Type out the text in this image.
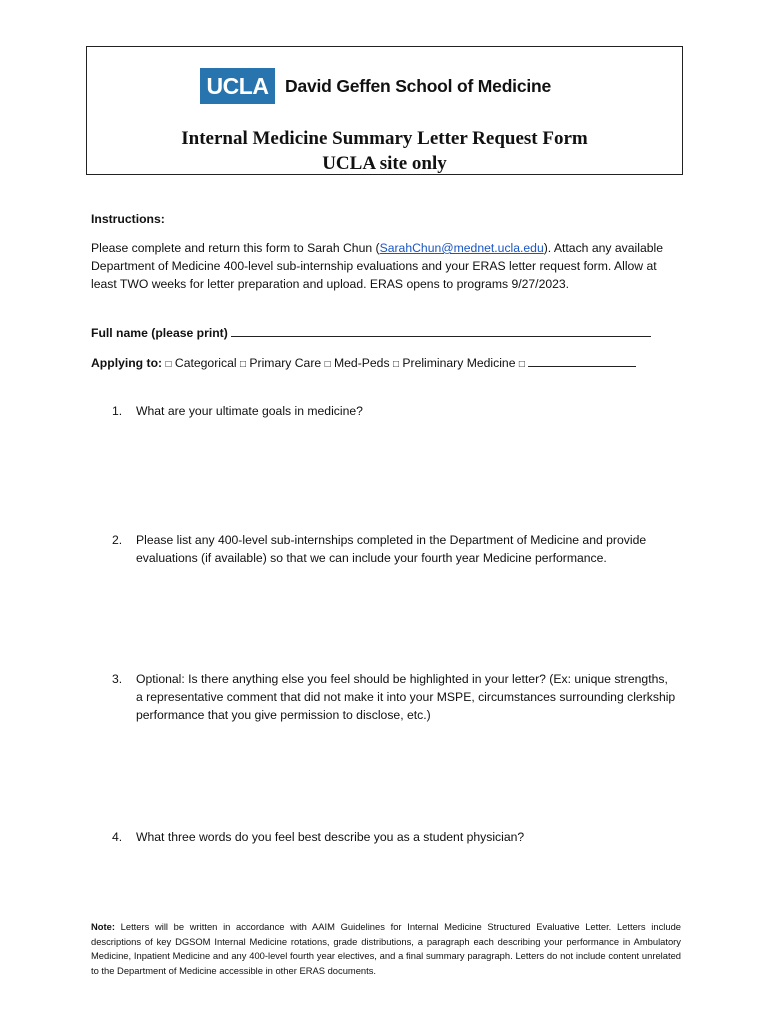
UCLA David Geffen School of Medicine
Internal Medicine Summary Letter Request Form
UCLA site only
Instructions:
Please complete and return this form to Sarah Chun (SarahChun@mednet.ucla.edu). Attach any available Department of Medicine 400-level sub-internship evaluations and your ERAS letter request form. Allow at least TWO weeks for letter preparation and upload. ERAS opens to programs 9/27/2023.
Full name (please print)
Applying to: □ Categorical □ Primary Care □ Med-Peds □ Preliminary Medicine □
1.	What are your ultimate goals in medicine?
2.	Please list any 400-level sub-internships completed in the Department of Medicine and provide evaluations (if available) so that we can include your fourth year Medicine performance.
3.	Optional: Is there anything else you feel should be highlighted in your letter? (Ex: unique strengths, a representative comment that did not make it into your MSPE, circumstances surrounding clerkship performance that you give permission to disclose, etc.)
4.	What three words do you feel best describe you as a student physician?
Note: Letters will be written in accordance with AAIM Guidelines for Internal Medicine Structured Evaluative Letter. Letters include descriptions of key DGSOM Internal Medicine rotations, grade distributions, a paragraph each describing your performance in Ambulatory Medicine, Inpatient Medicine and any 400-level fourth year electives, and a final summary paragraph. Letters do not include content unrelated to the Department of Medicine accessible in other ERAS documents.
